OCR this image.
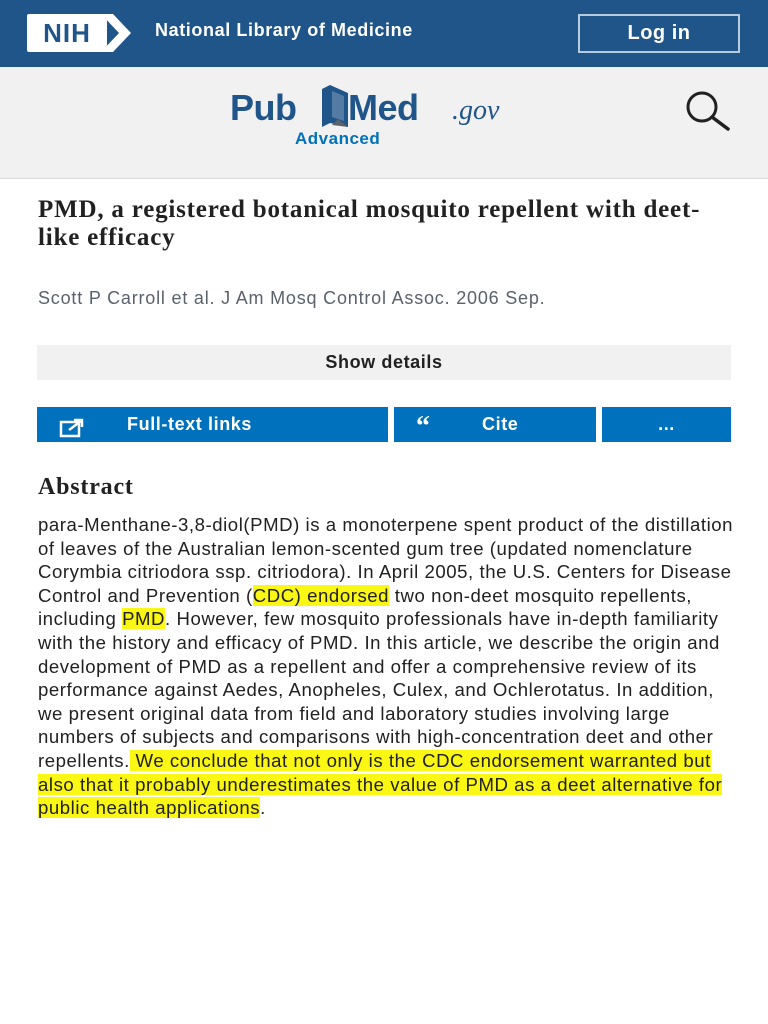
NIH	National Library of Medicine	Log in
Pub Med .gov
Advanced
PMD, a registered botanical mosquito repellent with deet-like efficacy
Scott P Carroll et al. J Am Mosq Control Assoc. 2006 Sep.
Show details
Full-text links	“	Cite	...
Abstract
para-Menthane-3,8-diol(PMD) is a monoterpene spent product of the distillation of leaves of the Australian lemon-scented gum tree (updated nomenclature Corymbia citriodora ssp. citriodora). In April 2005, the U.S. Centers for Disease Control and Prevention (CDC) endorsed two non-deet mosquito repellents, including PMD. However, few mosquito professionals have in-depth familiarity with the history and efficacy of PMD. In this article, we describe the origin and development of PMD as a repellent and offer a comprehensive review of its performance against Aedes, Anopheles, Culex, and Ochlerotatus. In addition, we present original data from field and laboratory studies involving large numbers of subjects and comparisons with high-concentration deet and other repellents. We conclude that not only is the CDC endorsement warranted but also that it probably underestimates the value of PMD as a deet alternative for public health applications.
